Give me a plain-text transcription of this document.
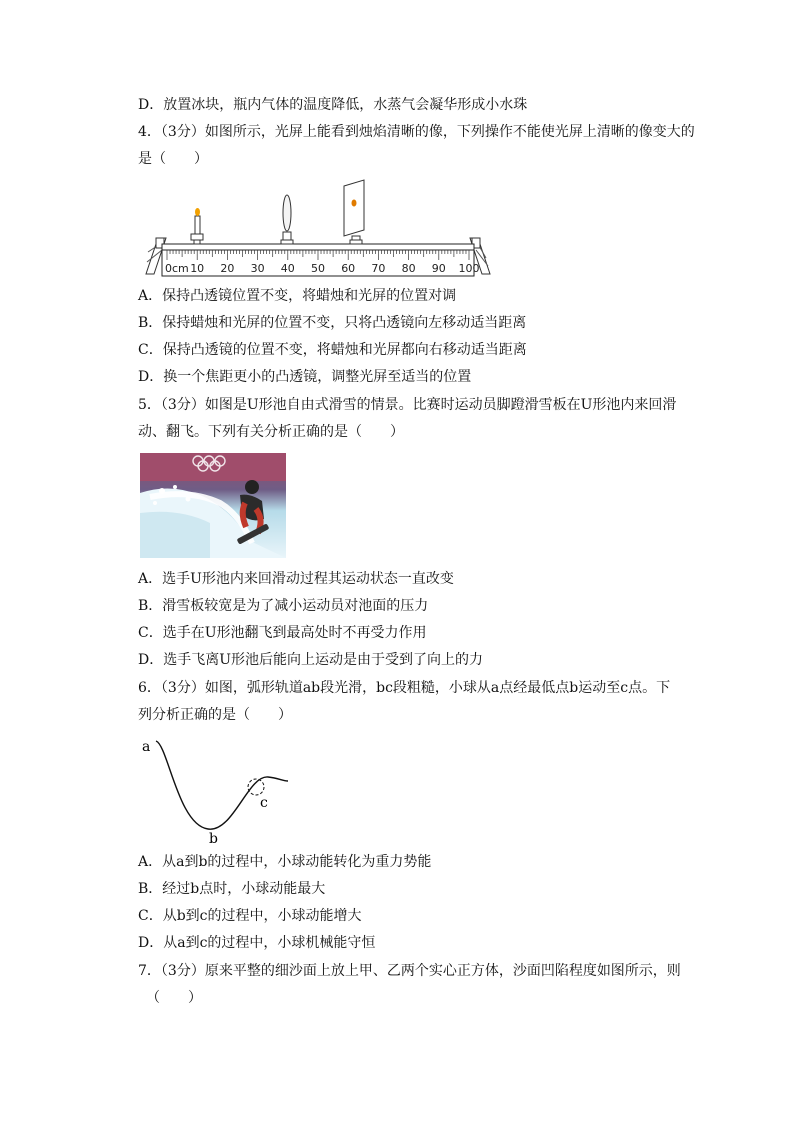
D．放置冰块，瓶内气体的温度降低，水蒸气会凝华形成小水珠
4．（3分）如图所示，光屏上能看到烛焰清晰的像，下列操作不能使光屏上清晰的像变大的
是（　　）
0cm 10 20 30 40 50 60 70 80 90 100
A．保持凸透镜位置不变，将蜡烛和光屏的位置对调
B．保持蜡烛和光屏的位置不变，只将凸透镜向左移动适当距离
C．保持凸透镜的位置不变，将蜡烛和光屏都向右移动适当距离
D．换一个焦距更小的凸透镜，调整光屏至适当的位置
5．（3分）如图是U形池自由式滑雪的情景。比赛时运动员脚蹬滑雪板在U形池内来回滑
动、翻飞。下列有关分析正确的是（　　）
A．选手U形池内来回滑动过程其运动状态一直改变
B．滑雪板较宽是为了减小运动员对池面的压力
C．选手在U形池翻飞到最高处时不再受力作用
D．选手飞离U形池后能向上运动是由于受到了向上的力
6．（3分）如图，弧形轨道ab段光滑，bc段粗糙，小球从a点经最低点b运动至c点。下
列分析正确的是（　　）
a
b
c
A．从a到b的过程中，小球动能转化为重力势能
B．经过b点时，小球动能最大
C．从b到c的过程中，小球动能增大
D．从a到c的过程中，小球机械能守恒
7．（3分）原来平整的细沙面上放上甲、乙两个实心正方体，沙面凹陷程度如图所示，则
（　　）
